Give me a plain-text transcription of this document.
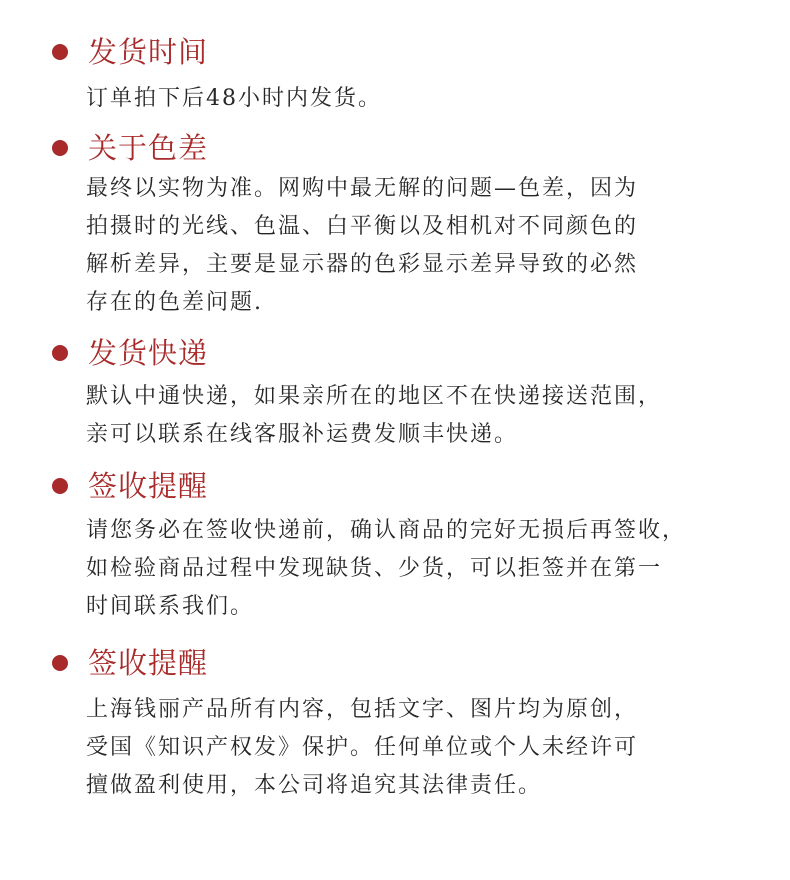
发货时间
订单拍下后48小时内发货。
关于色差
最终以实物为准。网购中最无解的问题—色差，因为
拍摄时的光线、色温、白平衡以及相机对不同颜色的
解析差异，主要是显示器的色彩显示差异导致的必然
存在的色差问题.
发货快递
默认中通快递，如果亲所在的地区不在快递接送范围，
亲可以联系在线客服补运费发顺丰快递。
签收提醒
请您务必在签收快递前，确认商品的完好无损后再签收，
如检验商品过程中发现缺货、少货，可以拒签并在第一
时间联系我们。
签收提醒
上海钱丽产品所有内容，包括文字、图片均为原创，
受国《知识产权发》保护。任何单位或个人未经许可
擅做盈利使用，本公司将追究其法律责任。
